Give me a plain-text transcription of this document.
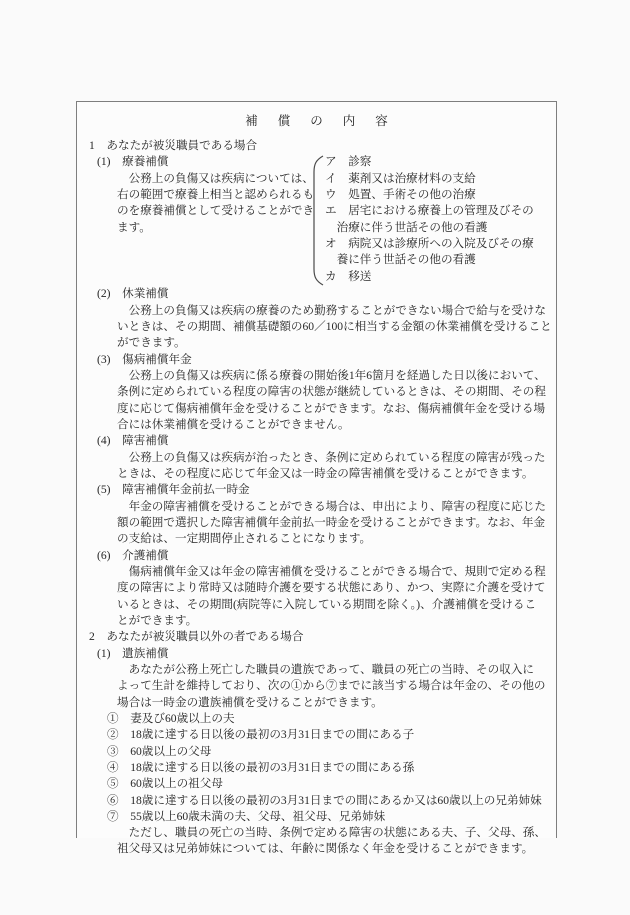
補償の内容
1　あなたが被災職員である場合
(1)　療養補償
　公務上の負傷又は疾病については、
右の範囲で療養上相当と認められるも
のを療養補償として受けることができ
ます。
ア　診察
イ　薬剤又は治療材料の支給
ウ　処置、手術その他の治療
エ　居宅における療養上の管理及びその
　治療に伴う世話その他の看護
オ　病院又は診療所への入院及びその療
　養に伴う世話その他の看護
カ　移送
(2)　休業補償
　公務上の負傷又は疾病の療養のため勤務することができない場合で給与を受けな
いときは、その期間、補償基礎額の60／100に相当する金額の休業補償を受けること
ができます。
(3)　傷病補償年金
　公務上の負傷又は疾病に係る療養の開始後1年6箇月を経過した日以後において、
条例に定められている程度の障害の状態が継続しているときは、その期間、その程
度に応じて傷病補償年金を受けることができます。なお、傷病補償年金を受ける場
合には休業補償を受けることができません。
(4)　障害補償
　公務上の負傷又は疾病が治ったとき、条例に定められている程度の障害が残った
ときは、その程度に応じて年金又は一時金の障害補償を受けることができます。
(5)　障害補償年金前払一時金
　年金の障害補償を受けることができる場合は、申出により、障害の程度に応じた
額の範囲で選択した障害補償年金前払一時金を受けることができます。なお、年金
の支給は、一定期間停止されることになります。
(6)　介護補償
　傷病補償年金又は年金の障害補償を受けることができる場合で、規則で定める程
度の障害により常時又は随時介護を要する状態にあり、かつ、実際に介護を受けて
いるときは、その期間(病院等に入院している期間を除く。)、介護補償を受けるこ
とができます。
2　あなたが被災職員以外の者である場合
(1)　遺族補償
　あなたが公務上死亡した職員の遺族であって、職員の死亡の当時、その収入に
よって生計を維持しており、次の①から⑦までに該当する場合は年金の、その他の
場合は一時金の遺族補償を受けることができます。
①　妻及び60歳以上の夫
②　18歳に達する日以後の最初の3月31日までの間にある子
③　60歳以上の父母
④　18歳に達する日以後の最初の3月31日までの間にある孫
⑤　60歳以上の祖父母
⑥　18歳に達する日以後の最初の3月31日までの間にあるか又は60歳以上の兄弟姉妹
⑦　55歳以上60歳未満の夫、父母、祖父母、兄弟姉妹
　ただし、職員の死亡の当時、条例で定める障害の状態にある夫、子、父母、孫、
祖父母又は兄弟姉妹については、年齢に関係なく年金を受けることができます。
